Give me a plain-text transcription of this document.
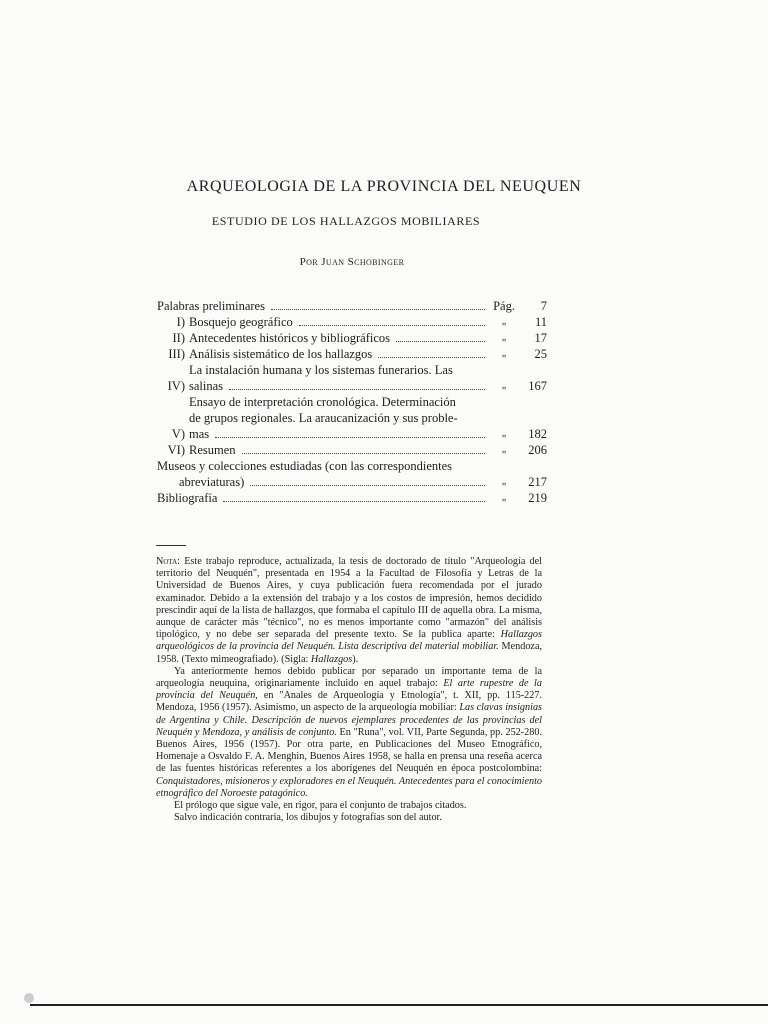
ARQUEOLOGIA DE LA PROVINCIA DEL NEUQUEN
ESTUDIO DE LOS HALLAZGOS MOBILIARES
Por Juan Schobinger
Palabras preliminares	Pág.	7
I) Bosquejo geográfico	„	11
II) Antecedentes históricos y bibliográficos	„	17
III) Análisis sistemático de los hallazgos	„	25
IV)
La instalación humana y los sistemas funerarios. Las
salinas	„	167
V)
Ensayo de interpretación cronológica. Determinación
de grupos regionales. La araucanización y sus proble-
mas	„	182
VI) Resumen	„	206
Museos y colecciones estudiadas (con las correspondientes
abreviaturas)	„	217
Bibliografía	„	219

Nota: Este trabajo reproduce, actualizada, la tesis de doctorado de título "Arqueología del territorio del Neuquén", presentada en 1954 a la Facultad de Filosofía y Letras de la Universidad de Buenos Aires, y cuya publicación fuera recomendada por el jurado examinador. Debido a la extensión del trabajo y a los costos de impresión, hemos decidido prescindir aquí de la lista de hallazgos, que formaba el capítulo III de aquella obra. La misma, aunque de carácter más "técnico", no es menos importante como "armazón" del análisis tipológico, y no debe ser separada del presente texto. Se la publica aparte: Hallazgos arqueológicos de la provincia del Neuquén. Lista descriptiva del material mobiliar. Mendoza, 1958. (Texto mimeografiado). (Sigla: Hallazgos).

Ya anteriormente hemos debido publicar por separado un importante tema de la arqueología neuquina, originariamente incluido en aquel trabajo: El arte rupestre de la provincia del Neuquén, en "Anales de Arqueología y Etnología", t. XII, pp. 115-227. Mendoza, 1956 (1957). Asimismo, un aspecto de la arqueología mobiliar: Las clavas insignias de Argentina y Chile. Descripción de nuevos ejemplares procedentes de las provincias del Neuquén y Mendoza, y análisis de conjunto. En "Runa", vol. VII, Parte Segunda, pp. 252-280. Buenos Aires, 1956 (1957). Por otra parte, en Publicaciones del Museo Etnográfico, Homenaje a Osvaldo F. A. Menghin, Buenos Aires 1958, se halla en prensa una reseña acerca de las fuentes históricas referentes a los aborígenes del Neuquén en época postcolombina: Conquistadores, misioneros y exploradores en el Neuquén. Antecedentes para el conocimiento etnográfico del Noroeste patagónico.

El prólogo que sigue vale, en rigor, para el conjunto de trabajos citados.

Salvo indicación contraria, los dibujos y fotografías son del autor.
